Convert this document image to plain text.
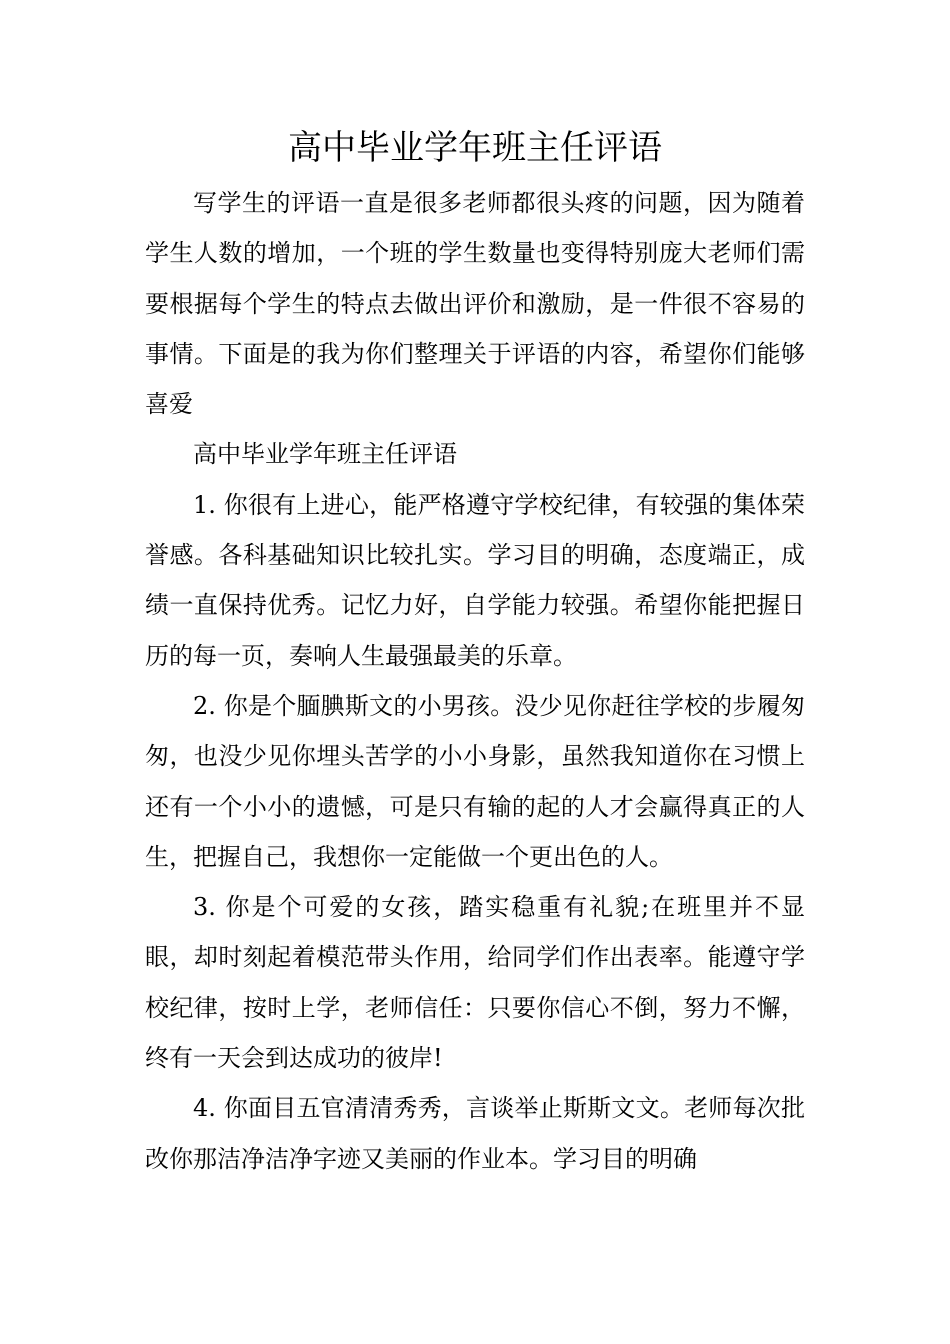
高中毕业学年班主任评语

写学生的评语一直是很多老师都很头疼的问题，因为随着学生人数的增加，一个班的学生数量也变得特别庞大老师们需要根据每个学生的特点去做出评价和激励，是一件很不容易的事情。下面是的我为你们整理关于评语的内容，希望你们能够喜爱

高中毕业学年班主任评语

1. 你很有上进心，能严格遵守学校纪律，有较强的集体荣誉感。各科基础知识比较扎实。学习目的明确，态度端正，成绩一直保持优秀。记忆力好，自学能力较强。希望你能把握日历的每一页，奏响人生最强最美的乐章。

2. 你是个腼腆斯文的小男孩。没少见你赶往学校的步履匆匆，也没少见你埋头苦学的小小身影，虽然我知道你在习惯上还有一个小小的遗憾，可是只有输的起的人才会赢得真正的人生，把握自己，我想你一定能做一个更出色的人。

3. 你是个可爱的女孩，踏实稳重有礼貌;在班里并不显眼，却时刻起着模范带头作用，给同学们作出表率。能遵守学校纪律，按时上学，老师信任：只要你信心不倒，努力不懈，终有一天会到达成功的彼岸!

4. 你面目五官清清秀秀，言谈举止斯斯文文。老师每次批改你那洁净洁净字迹又美丽的作业本。学习目的明确
